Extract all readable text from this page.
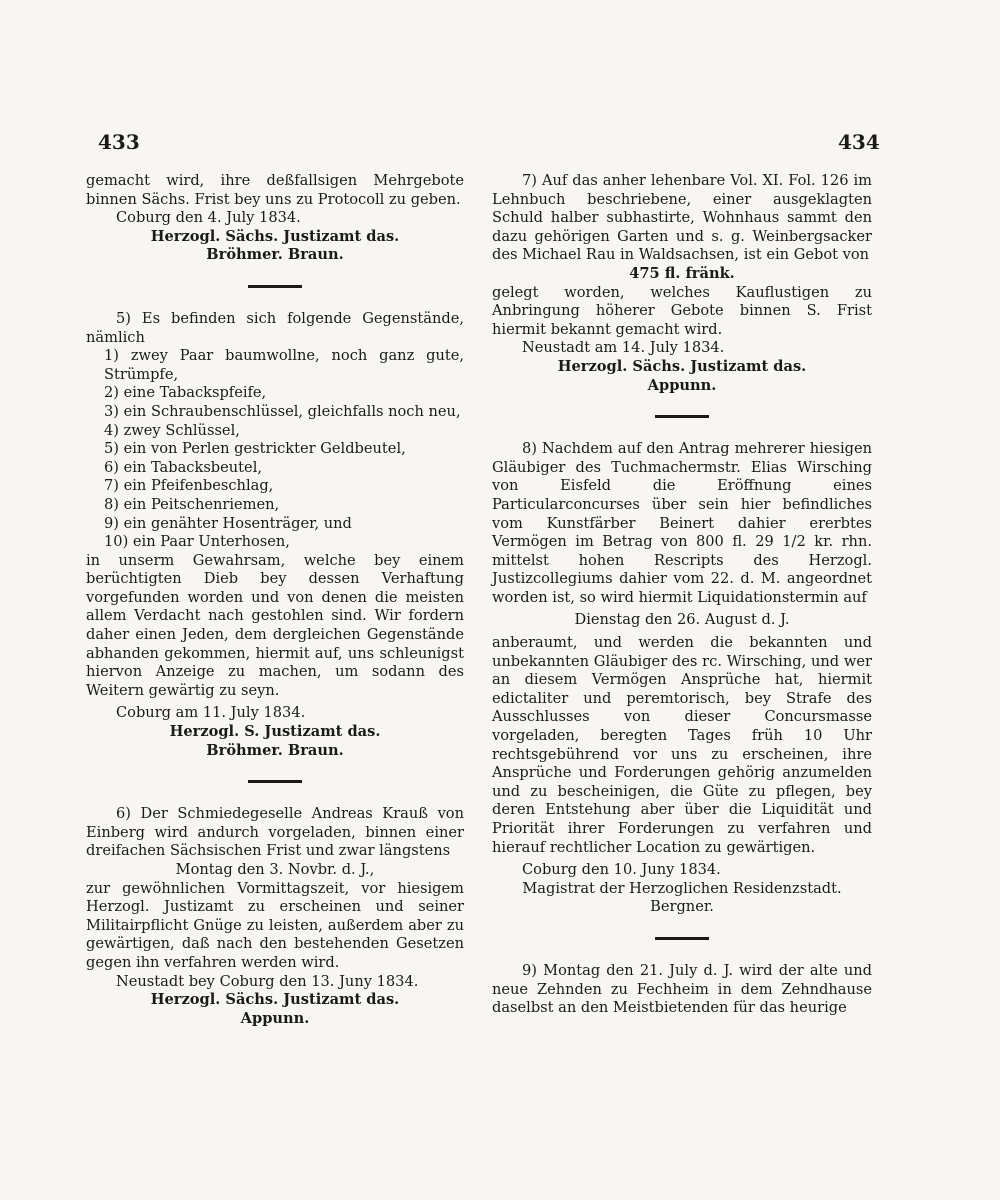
433	434

gemacht wird, ihre deßfallsigen Mehrgebote binnen Sächs. Frist bey uns zu Protocoll zu geben.

Coburg den 4. July 1834.

Herzogl. Sächs. Justizamt das.

Bröhmer. Braun.

5) Es befinden sich folgende Gegenstände, nämlich

1) zwey Paar baumwollne, noch ganz gute, Strümpfe,
2) eine Tabackspfeife,
3) ein Schraubenschlüssel, gleichfalls noch neu,
4) zwey Schlüssel,
5) ein von Perlen gestrickter Geldbeutel,
6) ein Tabacksbeutel,
7) ein Pfeifenbeschlag,
8) ein Peitschenriemen,
9) ein genähter Hosenträger, und
10) ein Paar Unterhosen,

in unserm Gewahrsam, welche bey einem berüchtigten Dieb bey dessen Verhaftung vorgefunden worden und von denen die meisten allem Verdacht nach gestohlen sind. Wir fordern daher einen Jeden, dem dergleichen Gegenstände abhanden gekommen, hiermit auf, uns schleunigst hiervon Anzeige zu machen, um sodann des Weitern gewärtig zu seyn.

Coburg am 11. July 1834.

Herzogl. S. Justizamt das.

Bröhmer. Braun.

6) Der Schmiedegeselle Andreas Krauß von Einberg wird andurch vorgeladen, binnen einer dreifachen Sächsischen Frist und zwar längstens

Montag den 3. Novbr. d. J.,

zur gewöhnlichen Vormittagszeit, vor hiesigem Herzogl. Justizamt zu erscheinen und seiner Militairpflicht Gnüge zu leisten, außerdem aber zu gewärtigen, daß nach den bestehenden Gesetzen gegen ihn verfahren werden wird.

Neustadt bey Coburg den 13. Juny 1834.

Herzogl. Sächs. Justizamt das.

Appunn.

7) Auf das anher lehenbare Vol. XI. Fol. 126 im Lehnbuch beschriebene, einer ausgeklagten Schuld halber subhastirte, Wohnhaus sammt den dazu gehörigen Garten und s. g. Weinbergsacker des Michael Rau in Waldsachsen, ist ein Gebot von

475 fl. fränk.

gelegt worden, welches Kauflustigen zu Anbringung höherer Gebote binnen S. Frist hiermit bekannt gemacht wird.

Neustadt am 14. July 1834.

Herzogl. Sächs. Justizamt das.

Appunn.

8) Nachdem auf den Antrag mehrerer hiesigen Gläubiger des Tuchmachermstr. Elias Wirsching von Eisfeld die Eröffnung eines Particularconcurses über sein hier befindliches vom Kunstfärber Beinert dahier ererbtes Vermögen im Betrag von 800 fl. 29 1/2 kr. rhn. mittelst hohen Rescripts des Herzogl. Justizcollegiums dahier vom 22. d. M. angeordnet worden ist, so wird hiermit Liquidationstermin auf

Dienstag den 26. August d. J.

anberaumt, und werden die bekannten und unbekannten Gläubiger des rc. Wirsching, und wer an diesem Vermögen Ansprüche hat, hiermit edictaliter und peremtorisch, bey Strafe des Ausschlusses von dieser Concursmasse vorgeladen, beregten Tages früh 10 Uhr rechtsgebührend vor uns zu erscheinen, ihre Ansprüche und Forderungen gehörig anzumelden und zu bescheinigen, die Güte zu pflegen, bey deren Entstehung aber über die Liquidität und Priorität ihrer Forderungen zu verfahren und hierauf rechtlicher Location zu gewärtigen.

Coburg den 10. Juny 1834.

Magistrat der Herzoglichen Residenzstadt.

Bergner.

9) Montag den 21. July d. J. wird der alte und neue Zehnden zu Fechheim in dem Zehndhause daselbst an den Meistbietenden für das heurige
